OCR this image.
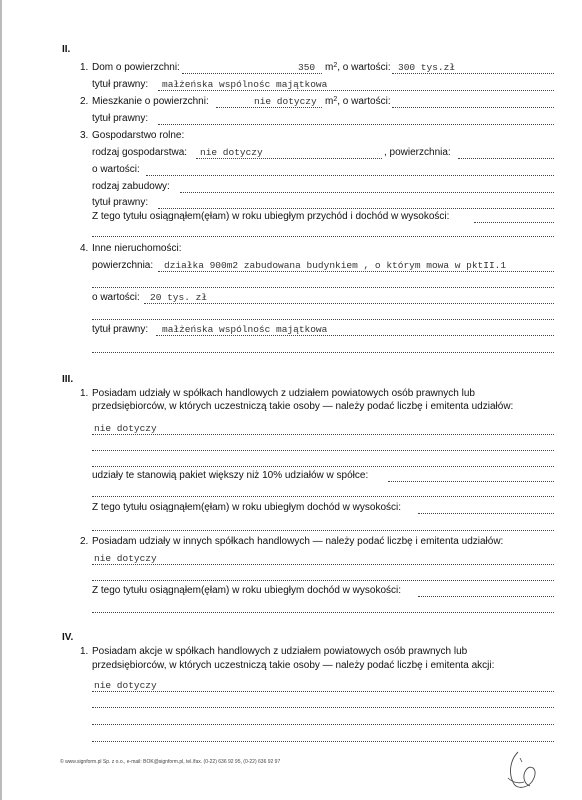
II.
1. Dom o powierzchni:	350 $m^2$, o wartości: 300 tys.zł
tytuł prawny: małżeńska wspólnośc majątkowa
2. Mieszkanie o powierzchni:	nie dotyczy $m^2$, o wartości:
tytuł prawny:
3. Gospodarstwo rolne:
rodzaj gospodarstwa: nie dotyczy	, powierzchnia:
o wartości:
rodzaj zabudowy:
tytuł prawny:
Z tego tytułu osiągnąłem(ęłam) w roku ubiegłym przychód i dochód w wysokości:
4. Inne nieruchomości:
powierzchnia: działka 900m2 zabudowana budynkiem , o którym mowa w pktII.1
o wartości: 20 tys. zł
tytuł prawny: małżeńska wspólnośc majątkowa
III.
1. Posiadam udziały w spółkach handlowych z udziałem powiatowych osób prawnych lub
przedsiębiorców, w których uczestniczą takie osoby — należy podać liczbę i emitenta udziałów:
nie dotyczy
udziały te stanowią pakiet większy niż 10% udziałów w spółce:
Z tego tytułu osiągnąłem(ęłam) w roku ubiegłym dochód w wysokości:
2. Posiadam udziały w innych spółkach handlowych — należy podać liczbę i emitenta udziałów:
nie dotyczy
Z tego tytułu osiągnąłem(ęłam) w roku ubiegłym dochód w wysokości:
IV.
1. Posiadam akcje w spółkach handlowych z udziałem powiatowych osób prawnych lub
przedsiębiorców, w których uczestniczą takie osoby — należy podać liczbę i emitenta akcji:
nie dotyczy
© www.signform.pl Sp. z o.o., e-mail: BOK@signform.pl, tel./fax. (0-22) 636 92 95, (0-22) 636 92 97
